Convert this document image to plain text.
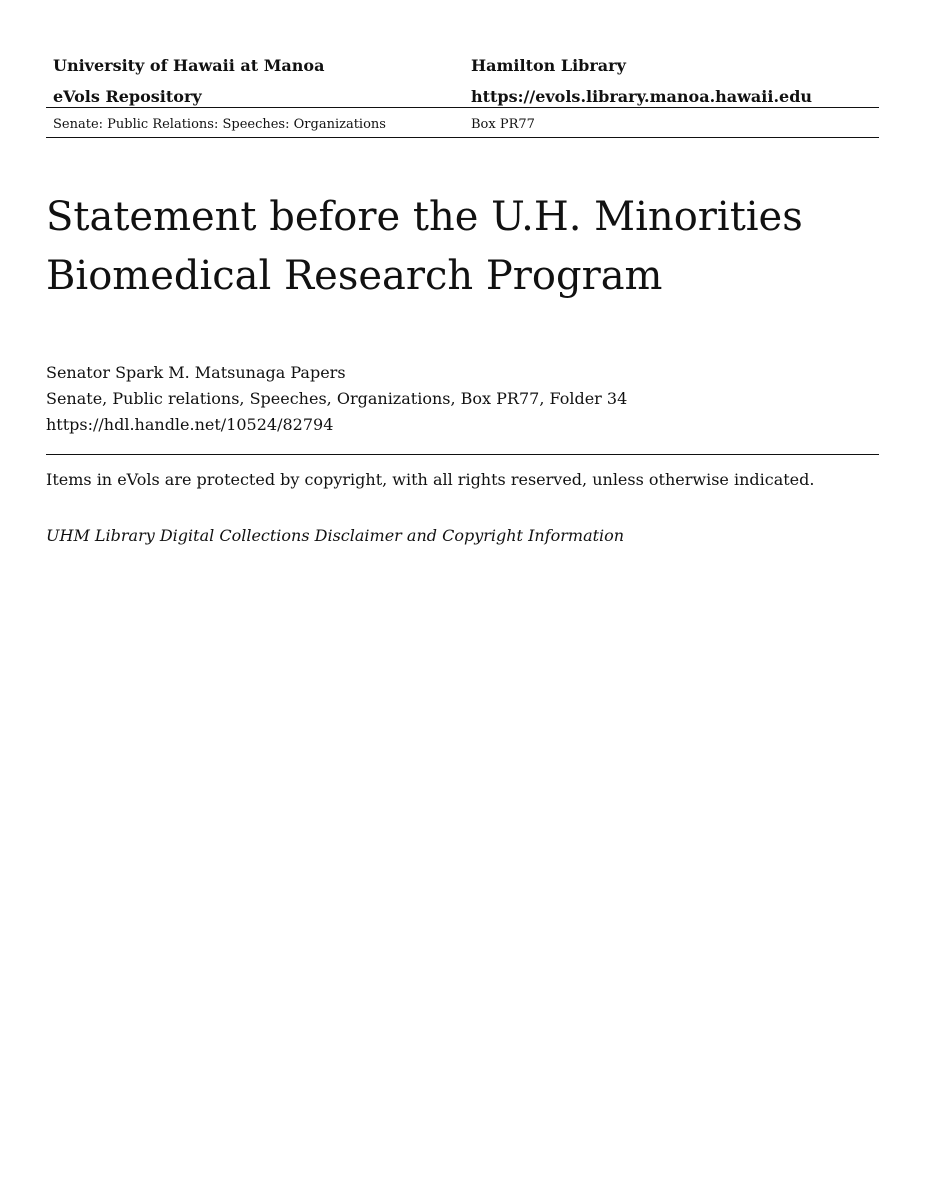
University of Hawaii at Manoa	Hamilton Library
eVols Repository	https://evols.library.manoa.hawaii.edu
Senate: Public Relations: Speeches: Organizations	Box PR77
Statement before the U.H. Minorities Biomedical Research Program
Senator Spark M. Matsunaga Papers
Senate, Public relations, Speeches, Organizations, Box PR77, Folder 34
https://hdl.handle.net/10524/82794
Items in eVols are protected by copyright, with all rights reserved, unless otherwise indicated.
UHM Library Digital Collections Disclaimer and Copyright Information
